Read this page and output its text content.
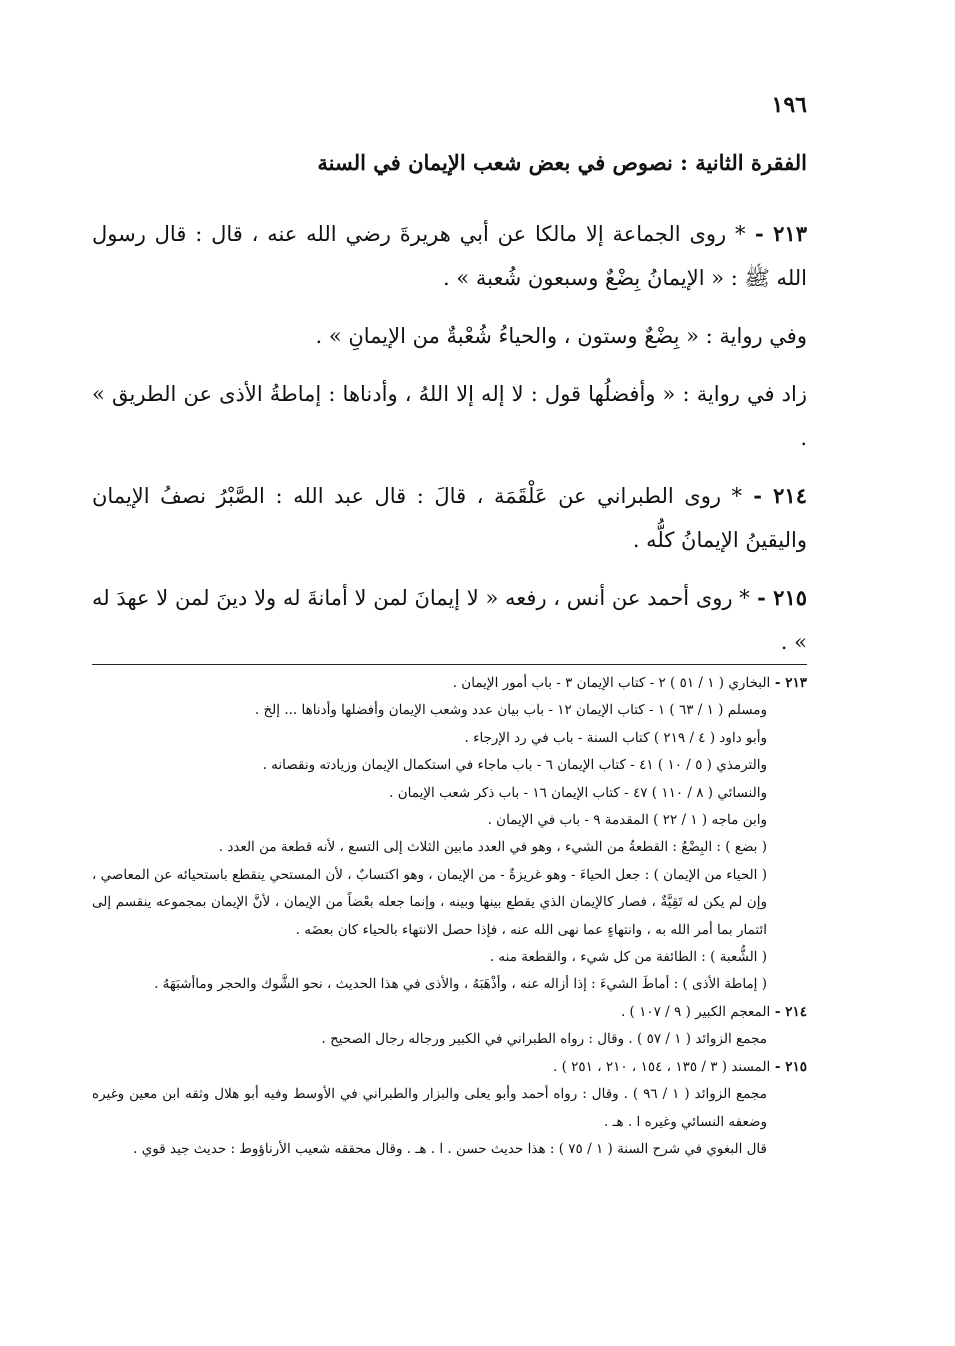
١٩٦
الفقرة الثانية : نصوص في بعض شعب الإيمان في السنة

٢١٣ - * روى الجماعة إلا مالكا عن أبي هريرةَ رضي الله عنه ، قال : قال رسول الله ﷺ : « الإيمانُ بِضْعٌ وسبعون شُعبة » .

وفي رواية : « بِضْعٌ وستون ، والحياءُ شُعْبةٌ من الإيمانِ » .

زاد في رواية : « وأفضلُها قول : لا إله إلا اللهُ ، وأدناها : إماطةُ الأذى عن الطريق » .

٢١٤ - * روى الطبراني عن عَلْقَمَة ، قالَ : قال عبد الله : الصَّبْرُ نصفُ الإيمان واليقينُ الإيمانُ كلُّه .

٢١٥ - * روى أحمد عن أنس ، رفعه « لا إيمانَ لمن لا أمانةَ له ولا دينَ لمن لا عهدَ له » .

٢١٣ - البخاري ( ١ / ٥١ ) ٢ - كتاب الإيمان ٣ - باب أمور الإيمان .

ومسلم ( ١ / ٦٣ ) ١ - كتاب الإيمان ١٢ - باب بيان عدد وشعب الإيمان وأفضلها وأدناها ... إلخ .

وأبو داود ( ٤ / ٢١٩ ) كتاب السنة - باب في رد الإرجاء .

والترمذي ( ٥ / ١٠ ) ٤١ - كتاب الإيمان ٦ - باب ماجاء في استكمال الإيمان وزيادته ونقصانه .

والنسائي ( ٨ / ١١٠ ) ٤٧ - كتاب الإيمان ١٦ - باب ذكر شعب الإيمان .

وابن ماجه ( ١ / ٢٢ ) المقدمة ٩ - باب في الإيمان .

( بضع ) : البِضْعُ : القطعةُ من الشيء ، وهو في العدد مابين الثلاث إلى التسع ، لأنه قطعة من العدد .

( الحياء من الإيمان ) : جعل الحياءَ - وهو غريزةٌ - من الإيمان ، وهو اكتسابٌ ، لأن المستحي ينقطع باستحيائه عن المعاصي ، وإن لم يكن له تَقِيَّةٌ ، فصار كالإيمان الذي يقطع بينها وبينه ، وإنما جعله بعْضاً من الإيمان ، لأنَّ الإيمان بمجموعه ينقسم إلى ائتمار بما أمر الله به ، وانتهاءٍ عما نهى الله عنه ، فإذا حصل الانتهاء بالحياء كان بعضَه .

( الشُّعبة ) : الطائفة من كل شيء ، والقطعة منه .

( إماطة الأذى ) : أماطَ الشيءَ : إذا أزاله عنه ، وأذْهَبَهُ ، والأذى في هذا الحديث ، نحو الشَّوك والحجر وماأشبَهَهُ .

٢١٤ - المعجم الكبير ( ٩ / ١٠٧ ) .

مجمع الزوائد ( ١ / ٥٧ ) . وقال : رواه الطبراني في الكبير ورجاله رجال الصحيح .

٢١٥ - المسند ( ٣ / ١٣٥ ، ١٥٤ ، ٢١٠ ، ٢٥١ ) .

مجمع الزوائد ( ١ / ٩٦ ) . وقال : رواه أحمد وأبو يعلى والبزار والطبراني في الأوسط وفيه أبو هلال وثقه ابن معين وغيره وضعفه النسائي وغيره ا . هـ .

قال البغوي في شرح السنة ( ١ / ٧٥ ) : هذا حديث حسن . ا . هـ . وقال محققه شعيب الأرناؤوط : حديث جيد قوي .
